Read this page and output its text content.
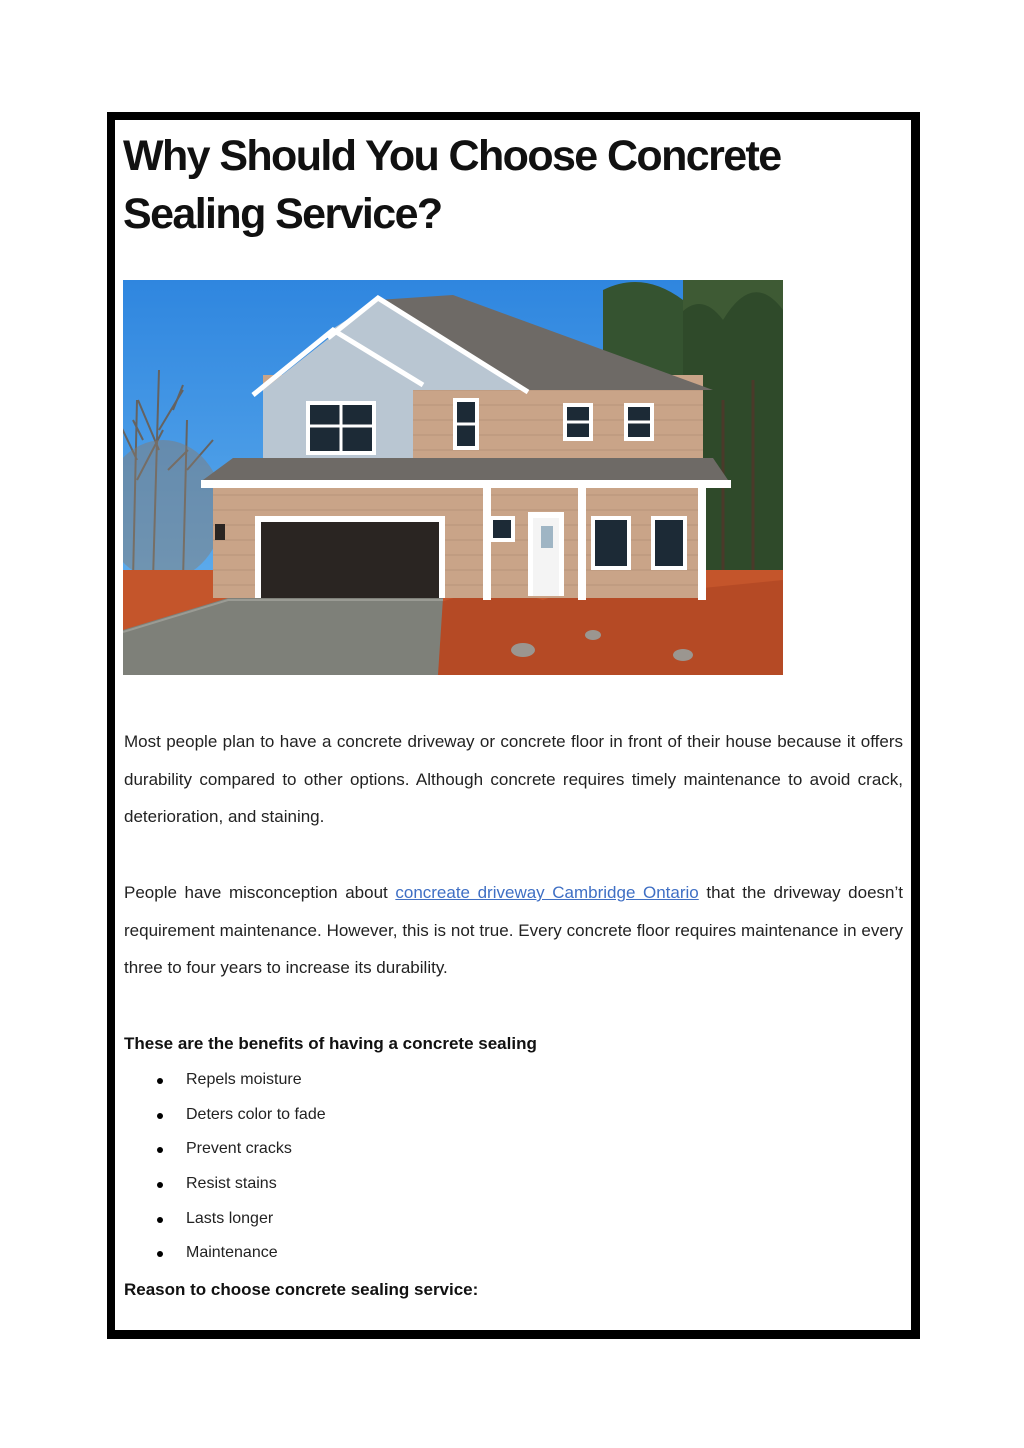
Why Should You Choose Concrete Sealing Service?

Most people plan to have a concrete driveway or concrete floor in front of their house because it offers durability compared to other options. Although concrete requires timely maintenance to avoid crack, deterioration, and staining.

People have misconception about concreate driveway Cambridge Ontario that the driveway doesn’t requirement maintenance. However, this is not true. Every concrete floor requires maintenance in every three to four years to increase its durability.

These are the benefits of having a concrete sealing

Repels moisture
Deters color to fade
Prevent cracks
Resist stains
Lasts longer
Maintenance

Reason to choose concrete sealing service:
